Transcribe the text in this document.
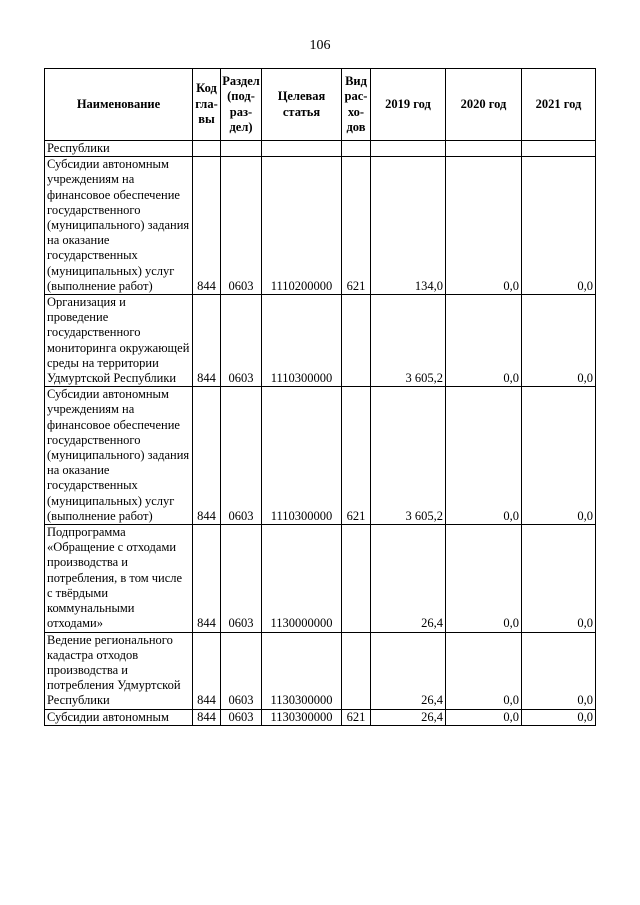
106
Наименование	Код гла- вы	Раздел (под- раз- дел)	Целевая статья	Вид рас- хо- дов	2019 год	2020 год	2021 год
Республики							
Субсидии автономным учреждениям на финансовое обеспечение государственного (муниципального) задания на оказание государственных (муниципальных) услуг (выполнение работ)	844	0603	1110200000	621	134,0	0,0	0,0
Организация и проведение государственного мониторинга окружающей среды на территории Удмуртской Республики	844	0603	1110300000		3 605,2	0,0	0,0
Субсидии автономным учреждениям на финансовое обеспечение государственного (муниципального) задания на оказание государственных (муниципальных) услуг (выполнение работ)	844	0603	1110300000	621	3 605,2	0,0	0,0
Подпрограмма «Обращение с отходами производства и потребления, в том числе с твёрдыми коммунальными отходами»	844	0603	1130000000		26,4	0,0	0,0
Ведение регионального кадастра отходов производства и потребления Удмуртской Республики	844	0603	1130300000		26,4	0,0	0,0
Субсидии автономным	844	0603	1130300000	621	26,4	0,0	0,0
